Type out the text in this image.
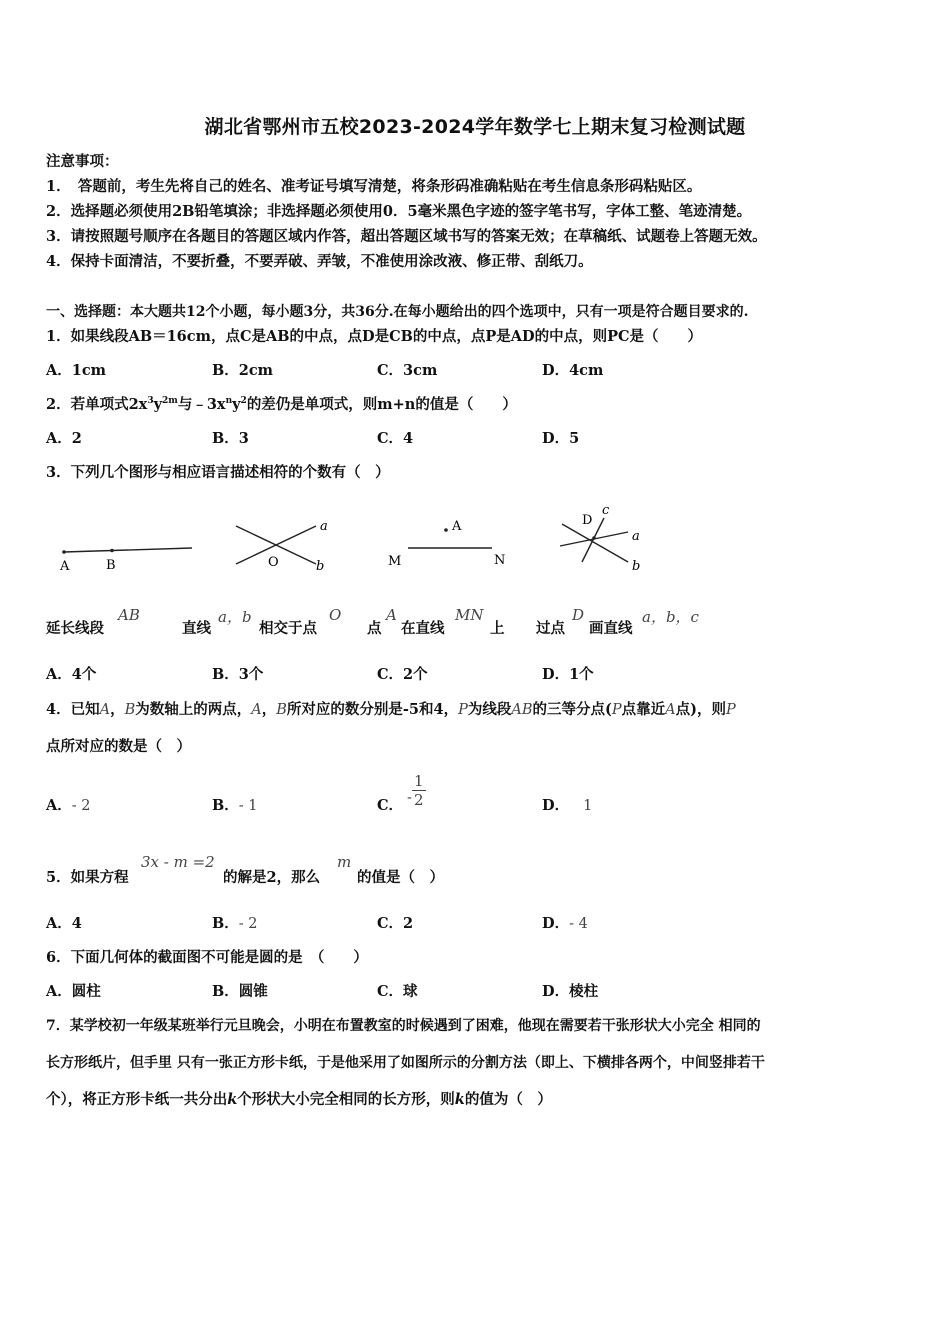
湖北省鄂州市五校2023-2024学年数学七上期末复习检测试题
注意事项：
1．　答题前，考生先将自己的姓名、准考证号填写清楚，将条形码准确粘贴在考生信息条形码粘贴区。
2．选择题必须使用2B铅笔填涂；非选择题必须使用0．5毫米黑色字迹的签字笔书写，字体工整、笔迹清楚。
3．请按照题号顺序在各题目的答题区域内作答，超出答题区域书写的答案无效；在草稿纸、试题卷上答题无效。
4．保持卡面清洁，不要折叠，不要弄破、弄皱，不准使用涂改液、修正带、刮纸刀。
一、选择题：本大题共12个小题，每小题3分，共36分.在每小题给出的四个选项中，只有一项是符合题目要求的.
1．如果线段AB＝16cm，点C是AB的中点，点D是CB的中点，点P是AD的中点，则PC是（　　）
A．1cm	B．2cm	C．3cm	D．4cm
2．若单项式$2x^3y^{2m}$与$﹣3x^ny^2$的差仍是单项式，则m+n的值是（　　）
A．2	B．3	C．4	D．5
3．下列几个图形与相应语言描述相符的个数有（　）
A	B
a
O	b
A
M	N
D
c
a
b
延长线段
AB
直线
a，b
相交于点
O
点
A
在直线
MN
上 过点
D
画直线
a，b，c
A．4个	B．3个	C．2个	D．1个
4．已知A，B为数轴上的两点，A，B所对应的数分别是-5和4，P为线段AB的三等分点(P点靠近A点)，则P
点所对应的数是（　）
A．- 2	B．- 1	C． - $\frac{1}{2}$	D． 1
5．如果方程
3x - m =2
的解是2，那么
m
的值是（　）
A．4	B．- 2	C．2	D．- 4
6．下面几何体的截面图不可能是圆的是　（　　）
A．圆柱	B．圆锥	C．球	D．棱柱
7．某学校初一年级某班举行元旦晚会，小明在布置教室的时候遇到了困难，他现在需要若干张形状大小完全 相同的
长方形纸片，但手里 只有一张正方形卡纸，于是他采用了如图所示的分割方法（即上、下横排各两个，中间竖排若干
个），将正方形卡纸一共分出k个形状大小完全相同的长方形，则k的值为（　）
